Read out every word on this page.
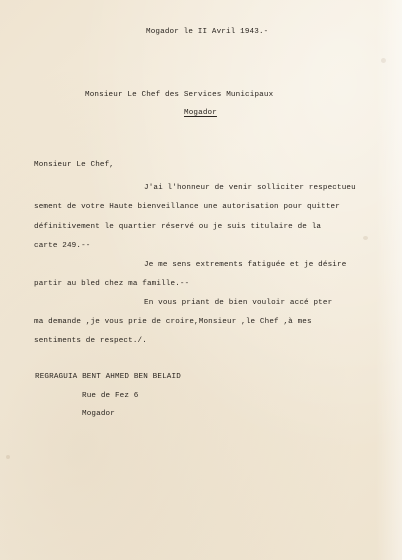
Mogador le II Avril 1943.-
Monsieur Le Chef des Services Municipaux
Mogador
Monsieur Le Chef,
J'ai l'honneur de venir solliciter respectueu
sement de votre Haute bienveillance une autorisation pour quitter
définitivement le quartier réservé ou je suis titulaire de la
carte 249.--
Je me sens extrements fatiguée et je désire
partir au bled chez ma famille.--
En vous priant de bien vouloir accé pter
ma demande ,je vous prie de croire,Monsieur ,le Chef ,à mes
sentiments de respect./.
REGRAGUIA BENT AHMED BEN BELAID
Rue de Fez 6
Mogador
